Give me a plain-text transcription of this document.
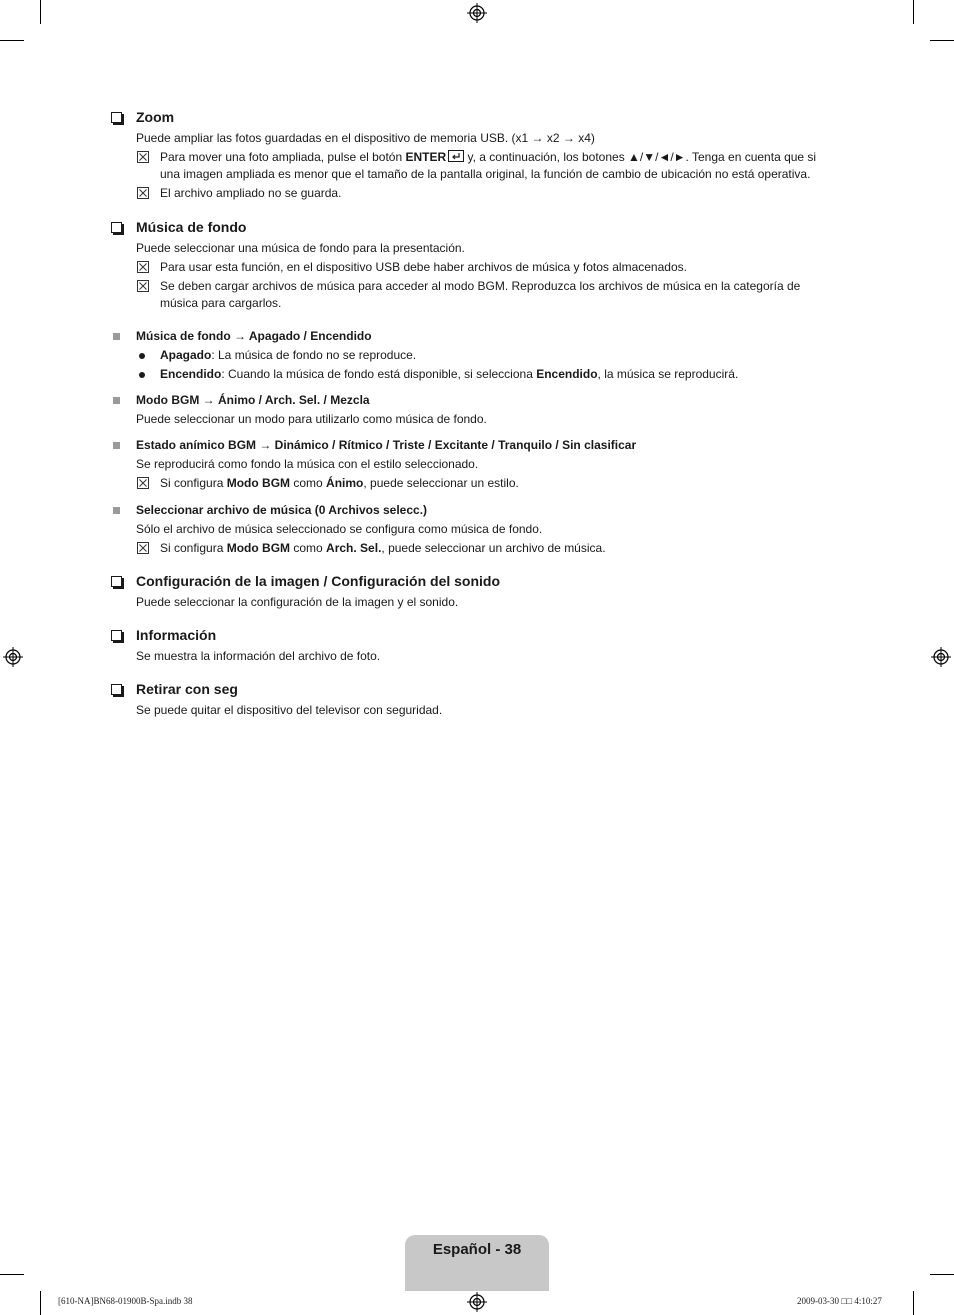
Zoom
Puede ampliar las fotos guardadas en el dispositivo de memoria USB. (x1 → x2 → x4)
Para mover una foto ampliada, pulse el botón ENTER y, a continuación, los botones ▲/▼/◄/►. Tenga en cuenta que si una imagen ampliada es menor que el tamaño de la pantalla original, la función de cambio de ubicación no está operativa.
El archivo ampliado no se guarda.
Música de fondo
Puede seleccionar una música de fondo para la presentación.
Para usar esta función, en el dispositivo USB debe haber archivos de música y fotos almacenados.
Se deben cargar archivos de música para acceder al modo BGM. Reproduzca los archivos de música en la categoría de música para cargarlos.
Música de fondo → Apagado / Encendido
Apagado: La música de fondo no se reproduce.
Encendido: Cuando la música de fondo está disponible, si selecciona Encendido, la música se reproducirá.
Modo BGM → Ánimo / Arch. Sel. / Mezcla
Puede seleccionar un modo para utilizarlo como música de fondo.
Estado anímico BGM → Dinámico / Rítmico / Triste / Excitante / Tranquilo / Sin clasificar
Se reproducirá como fondo la música con el estilo seleccionado.
Si configura Modo BGM como Ánimo, puede seleccionar un estilo.
Seleccionar archivo de música (0 Archivos selecc.)
Sólo el archivo de música seleccionado se configura como música de fondo.
Si configura Modo BGM como Arch. Sel., puede seleccionar un archivo de música.
Configuración de la imagen / Configuración del sonido
Puede seleccionar la configuración de la imagen y el sonido.
Información
Se muestra la información del archivo de foto.
Retirar con seg
Se puede quitar el dispositivo del televisor con seguridad.
Español - 38
[610-NA]BN68-01900B-Spa.indb 38	2009-03-30 □□ 4:10:27
